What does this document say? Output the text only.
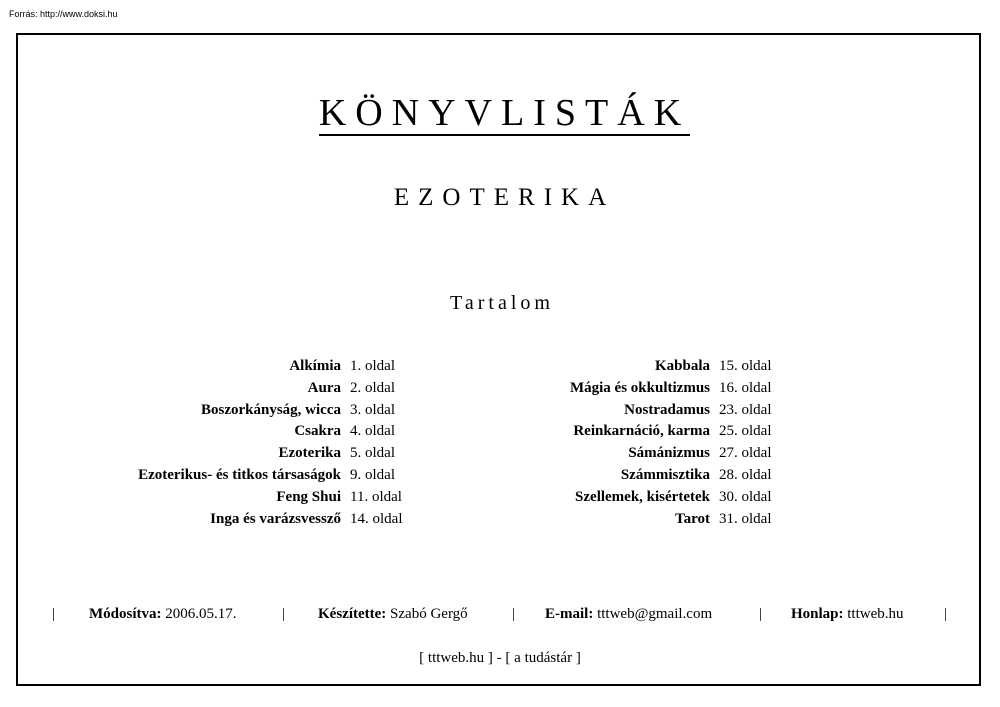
Forrás: http://www.doksi.hu
KÖNYVLISTÁK
EZOTERIKA
Tartalom
Alkímia 1. oldal
Aura 2. oldal
Boszorkányság, wicca 3. oldal
Csakra 4. oldal
Ezoterika 5. oldal
Ezoterikus- és titkos társaságok 9. oldal
Feng Shui 11. oldal
Inga és varázsvessző 14. oldal
Kabbala 15. oldal
Mágia és okkultizmus 16. oldal
Nostradamus 23. oldal
Reinkarnáció, karma 25. oldal
Sámánizmus 27. oldal
Számmisztika 28. oldal
Szellemek, kisértetek 30. oldal
Tarot 31. oldal
| Módosítva: 2006.05.17.	| Készítette: Szabó Gergő	| E-mail: tttweb@gmail.com	| Honlap: tttweb.hu	|
[ tttweb.hu ] - [ a tudástár ]
